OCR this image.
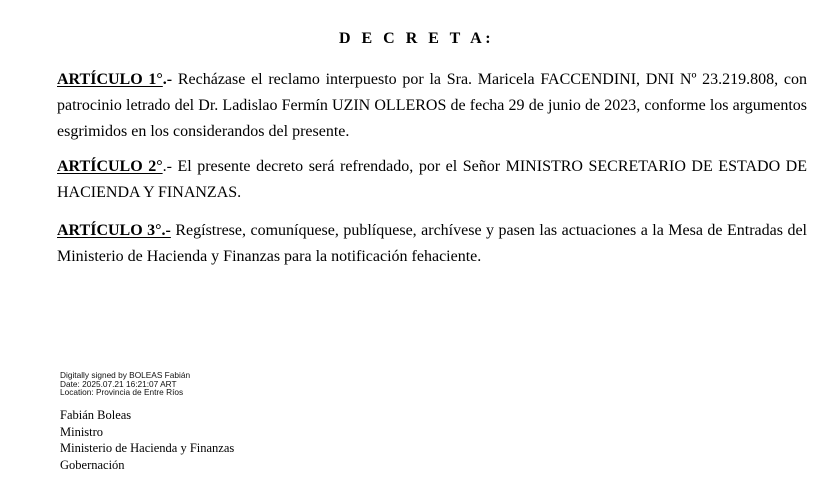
D E C R E T A:

ARTÍCULO 1°.- Recházase el reclamo interpuesto por la Sra. Maricela FACCENDINI, DNI Nº 23.219.808, con patrocinio letrado del Dr. Ladislao Fermín UZIN OLLEROS de fecha 29 de junio de 2023, conforme los argumentos esgrimidos en los considerandos del presente.

ARTÍCULO 2°.- El presente decreto será refrendado, por el Señor MINISTRO SECRETARIO DE ESTADO DE HACIENDA Y FINANZAS.

ARTÍCULO 3°.- Regístrese, comuníquese, publíquese, archívese y pasen las actuaciones a la Mesa de Entradas del Ministerio de Hacienda y Finanzas para la notificación fehaciente.

Digitally signed by BOLEAS Fabián
Date: 2025.07.21 16:21:07 ART
Location: Provincia de Entre Ríos
Fabián Boleas
Ministro
Ministerio de Hacienda y Finanzas
Gobernación
